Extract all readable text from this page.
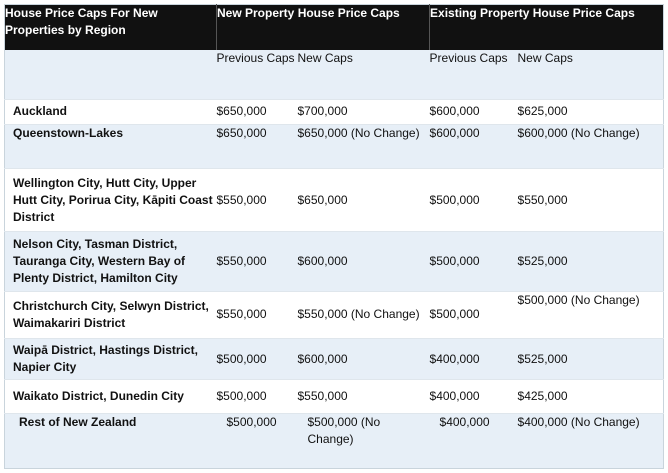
House Price Caps For New Properties by Region	New Property House Price Caps		Existing Property House Price Caps	
	Previous Caps	New Caps	Previous Caps	New Caps
Auckland	$650,000	$700,000	$600,000	$625,000
Queenstown-Lakes	$650,000	$650,000 (No Change)	$600,000	$600,000 (No Change)
Wellington City, Hutt City, Upper Hutt City, Porirua City, Kāpiti Coast District	$550,000	$650,000	$500,000	$550,000
Nelson City, Tasman District, Tauranga City, Western Bay of Plenty District, Hamilton City	$550,000	$600,000	$500,000	$525,000
Christchurch City, Selwyn District, Waimakariri District	$550,000	$550,000 (No Change)	$500,000	$500,000 (No Change)
Waipā District, Hastings District, Napier City	$500,000	$600,000	$400,000	$525,000
Waikato District, Dunedin City	$500,000	$550,000	$400,000	$425,000
Rest of New Zealand	$500,000	$500,000 (No Change)	$400,000	$400,000 (No Change)
